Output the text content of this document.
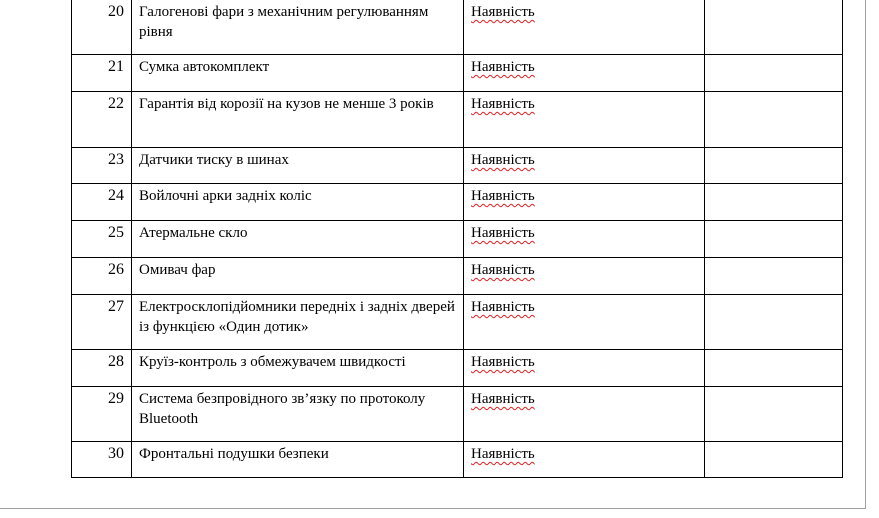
20	Галогенові фари з механічним регулюванням рівня	Наявність	
21	Сумка автокомплект	Наявність	
22	Гарантія від корозії на кузов не менше 3 років	Наявність	
23	Датчики тиску в шинах	Наявність	
24	Войлочні арки задніх коліс	Наявність	
25	Атермальне скло	Наявність	
26	Омивач фар	Наявність	
27	Електросклопідйомники передніх і задніх дверей із функцією «Один дотик»	Наявність	
28	Круїз-контроль з обмежувачем швидкості	Наявність	
29	Система безпровідного зв’язку по протоколу Bluetooth	Наявність	
30	Фронтальні подушки безпеки	Наявність	
